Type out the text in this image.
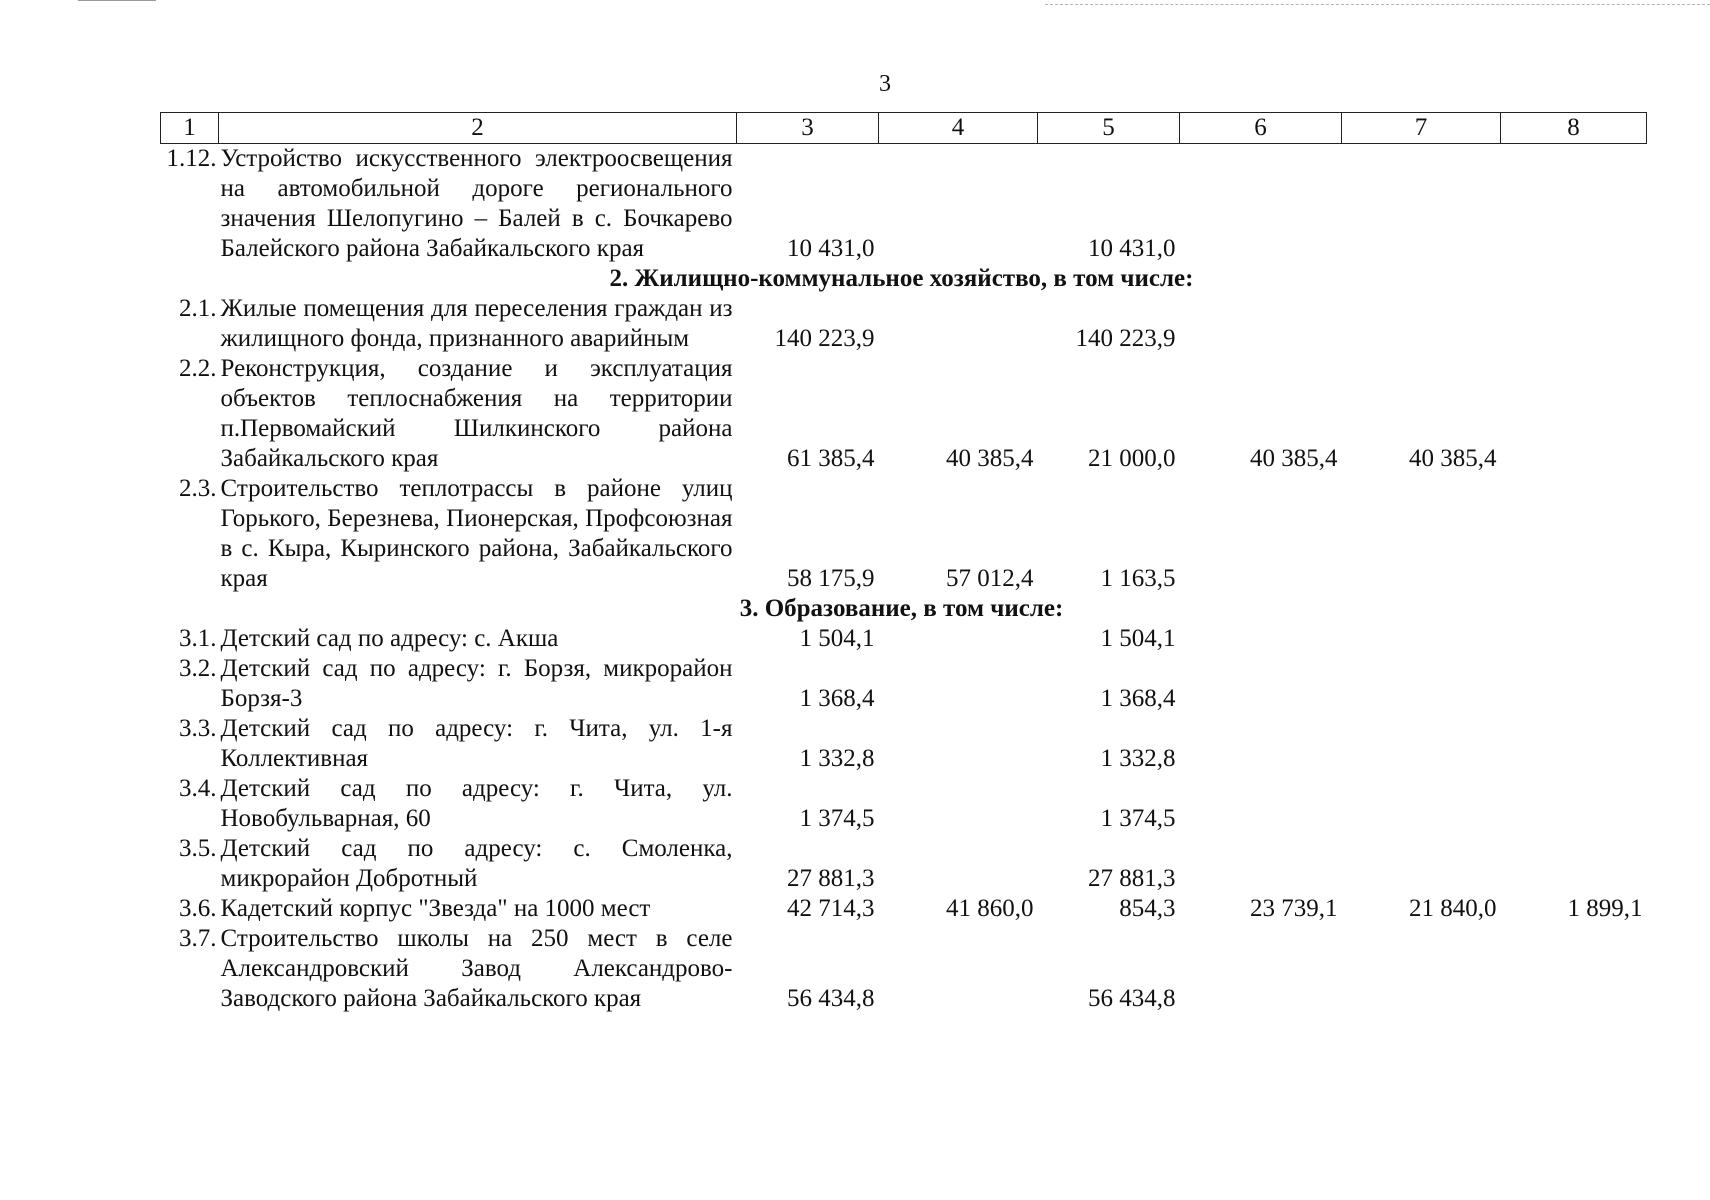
3
1	2	3	4	5	6	7	8
1.12.	Устройство искусственного электроосвещения на автомобильной дороге регионального значения Шелопугино – Балей в с. Бочкарево Балейского района Забайкальского края	10 431,0		10 431,0			
2. Жилищно-коммунальное хозяйство, в том числе:							
2.1.	Жилые помещения для переселения граждан из жилищного фонда, признанного аварийным	140 223,9		140 223,9			
2.2.	Реконструкция, создание и эксплуатация объектов теплоснабжения на территории п.Первомайский Шилкинского района Забайкальского края	61 385,4	40 385,4	21 000,0	40 385,4	40 385,4	
2.3.	Строительство теплотрассы в районе улиц Горького, Березнева, Пионерская, Профсоюзная в с. Кыра, Кыринского района, Забайкальского края	58 175,9	57 012,4	1 163,5			
3. Образование, в том числе:							
3.1.	Детский сад по адресу: с. Акша	1 504,1		1 504,1			
3.2.	Детский сад по адресу: г. Борзя, микрорайон Борзя-3	1 368,4		1 368,4			
3.3.	Детский сад по адресу: г. Чита, ул. 1-я Коллективная	1 332,8		1 332,8			
3.4.	Детский сад по адресу: г. Чита, ул. Новобульварная, 60	1 374,5		1 374,5			
3.5.	Детский сад по адресу: с. Смоленка, микрорайон Добротный	27 881,3		27 881,3			
3.6.	Кадетский корпус "Звезда" на 1000 мест	42 714,3	41 860,0	854,3	23 739,1	21 840,0	1 899,1
3.7.	Строительство школы на 250 мест в селе Александровский Завод Александрово-Заводского района Забайкальского края	56 434,8		56 434,8			
